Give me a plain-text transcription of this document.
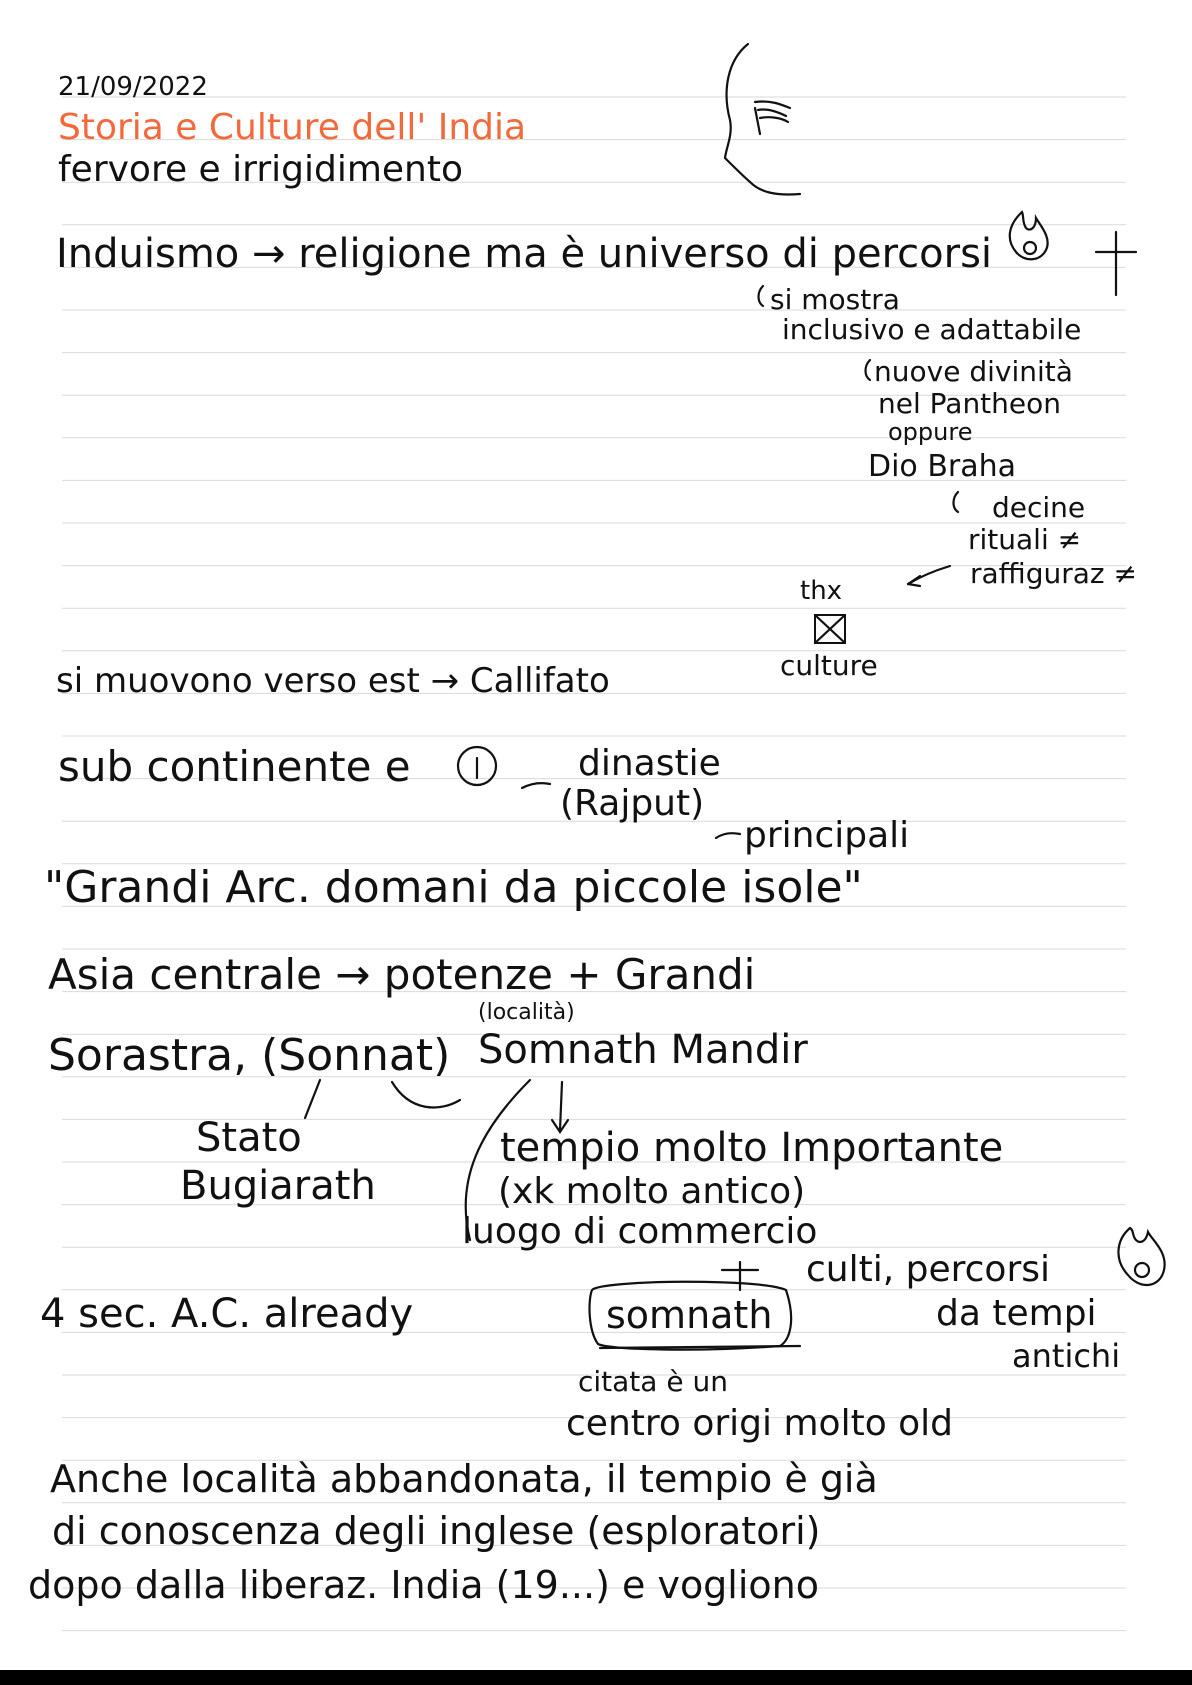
21/09/2022
Storia e Culture dell' India
fervore e irrigidimento
Induismo → religione ma è universo di percorsi
si mostra
inclusivo e adattabile
nuove divinità
nel Pantheon
oppure
Dio Braha
decine
rituali ≠
raffiguraz ≠
thx
culture
si muovono verso est → Callifato
sub continente e	dinastie
(Rajput)
principali
"Grandi Arc. domani da piccole isole"
Asia centrale → potenze + Grandi
(località)
Sorastra, (Sonnat) Somnath Mandir
Stato
Bugiarath
tempio molto Importante
(xk molto antico)
luogo di commercio
culti, percorsi
da tempi
antichi
4 sec. A.C. already	somnath
citata è un
centro origi molto old
Anche località abbandonata, il tempio è già
di conoscenza degli inglese (esploratori)
dopo dalla liberaz. India (19...) e vogliono
